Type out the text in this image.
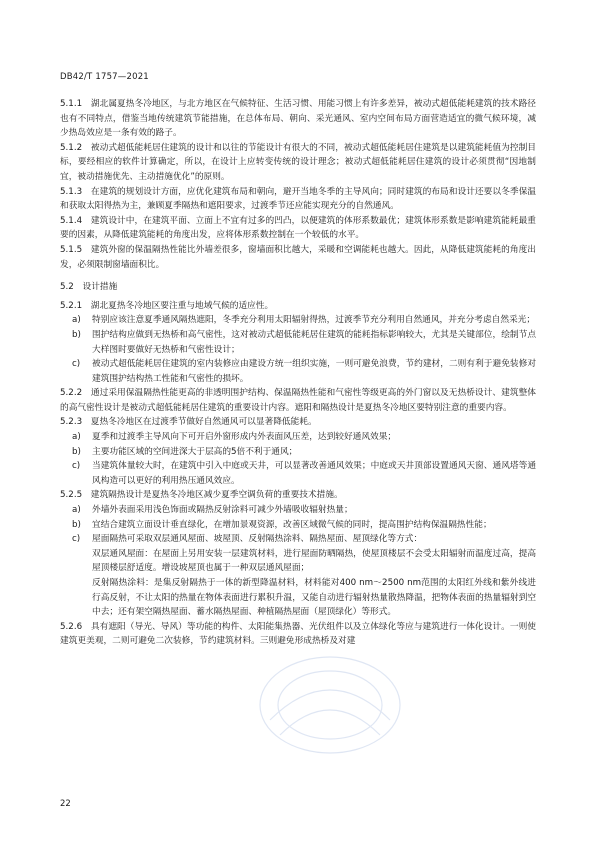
DB42/T 1757—2021

5.1.1　湖北属夏热冬冷地区，与北方地区在气候特征、生活习惯、用能习惯上有许多差异，被动式超低能耗建筑的技术路径也有不同特点，借鉴当地传统建筑节能措施，在总体布局、朝向、采光通风、室内空间布局方面营造适宜的微气候环境，减少热岛效应是一条有效的路子。

5.1.2　被动式超低能耗居住建筑的设计和以往的节能设计有很大的不同，被动式超低能耗居住建筑是以建筑能耗值为控制目标，要经相应的软件计算确定，所以，在设计上应转变传统的设计理念；被动式超低能耗居住建筑的设计必须贯彻“因地制宜，被动措施优先、主动措施优化”的原则。

5.1.3　在建筑的规划设计方面，应优化建筑布局和朝向，避开当地冬季的主导风向；同时建筑的布局和设计还要以冬季保温和获取太阳得热为主，兼顾夏季隔热和遮阳要求，过渡季节还应能实现充分的自然通风。

5.1.4　建筑设计中，在建筑平面、立面上不宜有过多的凹凸，以便建筑的体形系数最优；建筑体形系数是影响建筑能耗最重要的因素，从降低建筑能耗的角度出发，应将体形系数控制在一个较低的水平。

5.1.5　建筑外窗的保温隔热性能比外墙差很多，窗墙面积比越大，采暖和空调能耗也越大。因此，从降低建筑能耗的角度出发，必须限制窗墙面积比。

5.2　设计措施

5.2.1　湖北夏热冬冷地区要注重与地域气候的适应性。

a)	特别应该注意夏季通风隔热遮阳，冬季充分利用太阳辐射得热，过渡季节充分利用自然通风，并充分考虑自然采光；

b)	围护结构应做到无热桥和高气密性，这对被动式超低能耗居住建筑的能耗指标影响较大，尤其是关键部位，绘制节点大样图时要做好无热桥和气密性设计；

c)	被动式超低能耗居住建筑的室内装修应由建设方统一组织实施，一则可避免浪费，节约建材，二则有利于避免装修对建筑围护结构热工性能和气密性的损坏。

5.2.2　通过采用保温隔热性能更高的非透明围护结构、保温隔热性能和气密性等级更高的外门窗以及无热桥设计、建筑整体的高气密性设计是被动式超低能耗居住建筑的重要设计内容。遮阳和隔热设计是夏热冬冷地区要特别注意的重要内容。

5.2.3　夏热冬冷地区在过渡季节做好自然通风可以显著降低能耗。

a)	夏季和过渡季主导风向下可开启外窗形成内外表面风压差，达到较好通风效果；

b)	主要功能区域的空间进深大于层高的5倍不利于通风；

c)	当建筑体量较大时，在建筑中引入中庭或天井，可以显著改善通风效果；中庭或天井顶部设置通风天窗、通风塔等通风构造可以更好的利用热压通风效应。

5.2.5　建筑隔热设计是夏热冬冷地区减少夏季空调负荷的重要技术措施。

a)	外墙外表面采用浅色饰面或隔热反射涂料可减少外墙吸收辐射热量；

b)	宜结合建筑立面设计垂直绿化，在增加景观资源，改善区域微气候的同时，提高围护结构保温隔热性能；

c)	屋面隔热可采取双层通风屋面、坡屋顶、反射隔热涂料、隔热屋面、屋顶绿化等方式：

双层通风屋面：在屋面上另用安装一层建筑材料，进行屋面防晒隔热，使屋顶楼层不会受太阳辐射而温度过高，提高屋顶楼层舒适度。增设坡屋顶也属于一种双层通风屋面；

反射隔热涂料：是集反射隔热于一体的新型降温材料，材料能对400 nm～2500 nm范围的太阳红外线和紫外线进行高反射，不让太阳的热量在物体表面进行累积升温，又能自动进行辐射热量散热降温，把物体表面的热量辐射到空中去；还有架空隔热屋面、蓄水隔热屋面、种植隔热屋面（屋顶绿化）等形式。

5.2.6　具有遮阳（导光、导风）等功能的构件、太阳能集热器、光伏组件以及立体绿化等应与建筑进行一体化设计。一则使建筑更美观，二则可避免二次装修，节约建筑材料。三则避免形成热桥及对建

22
